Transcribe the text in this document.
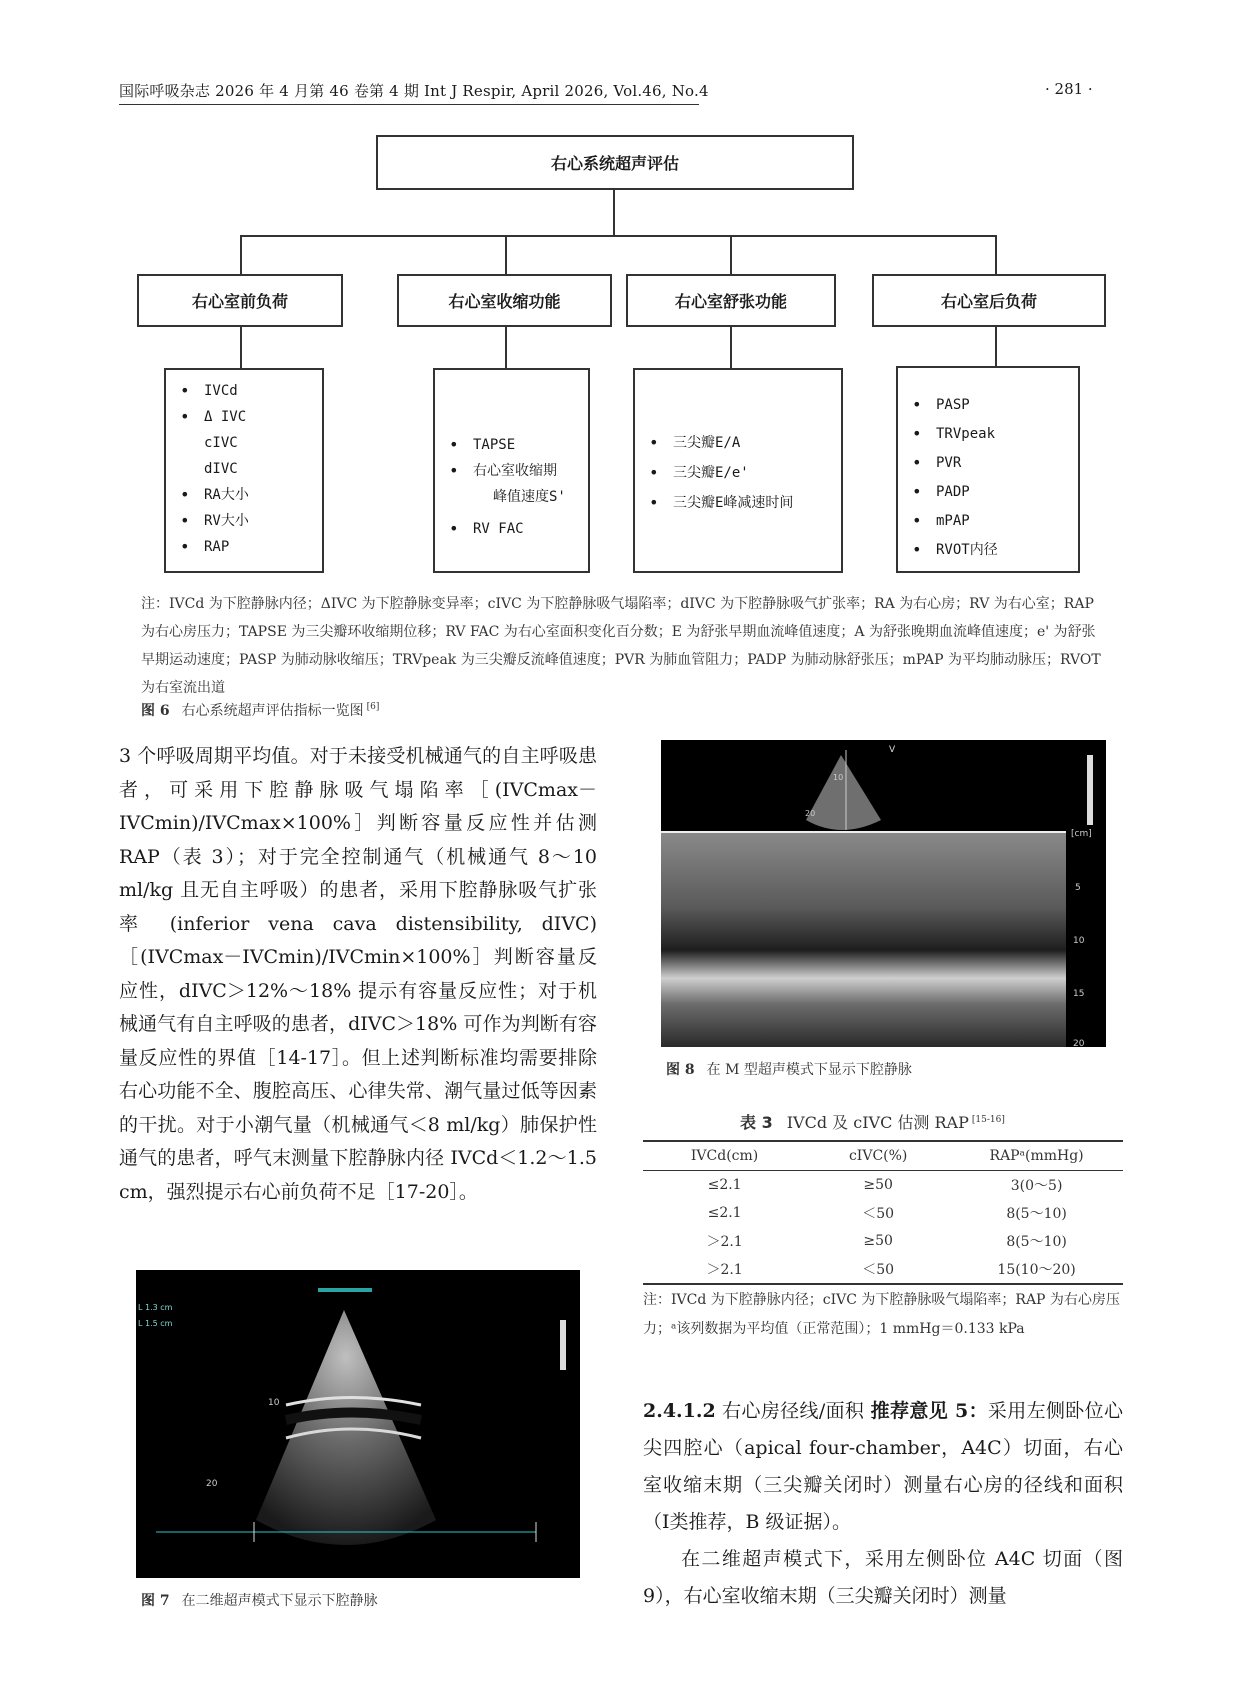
国际呼吸杂志 2026 年 4 月第 46 卷第 4 期 Int J Respir, April 2026, Vol.46, No.4	· 281 ·
右心系统超声评估
右心室前负荷	右心室收缩功能	右心室舒张功能	右心室后负荷
• IVCd
• Δ IVC
cIVC
dIVC
• RA大小
• RV大小
• RAP
• TAPSE
• 右心室收缩期
峰值速度S'
• RV FAC
• 三尖瓣E/A
• 三尖瓣E/e'
• 三尖瓣E峰减速时间
• PASP
• TRVpeak
• PVR
• PADP
• mPAP
• RVOT内径
注：IVCd 为下腔静脉内径；ΔIVC 为下腔静脉变异率；cIVC 为下腔静脉吸气塌陷率；dIVC 为下腔静脉吸气扩张率；RA 为右心房；RV 为右心室；RAP 为右心房压力；TAPSE 为三尖瓣环收缩期位移；RV FAC 为右心室面积变化百分数；E 为舒张早期血流峰值速度；A 为舒张晚期血流峰值速度；e' 为舒张早期运动速度；PASP 为肺动脉收缩压；TRVpeak 为三尖瓣反流峰值速度；PVR 为肺血管阻力；PADP 为肺动脉舒张压；mPAP 为平均肺动脉压；RVOT 为右室流出道
图 6 右心系统超声评估指标一览图 [6]

3 个呼吸周期平均值。对于未接受机械通气的自主呼吸患者，可采用下腔静脉吸气塌陷率［(IVCmax－IVCmin)/IVCmax×100%］判断容量反应性并估测 RAP（表 3）；对于完全控制通气（机械通气 8～10 ml/kg 且无自主呼吸）的患者，采用下腔静脉吸气扩张率 (inferior vena cava distensibility, dIVC)［(IVCmax－IVCmin)/IVCmin×100%］判断容量反应性，dIVC＞12%～18% 提示有容量反应性；对于机械通气有自主呼吸的患者，dIVC＞18% 可作为判断有容量反应性的界值［14-17］。但上述判断标准均需要排除右心功能不全、腹腔高压、心律失常、潮气量过低等因素的干扰。对于小潮气量（机械通气＜8 ml/kg）肺保护性通气的患者，呼气末测量下腔静脉内径 IVCd＜1.2～1.5 cm，强烈提示右心前负荷不足［17-20］。

L 1.3 cm
L 1.5 cm
10
20
图 7 在二维超声模式下显示下腔静脉
V
10
20
[cm]
5
10
15
20
图 8 在 M 型超声模式下显示下腔静脉
表 3 IVCd 及 cIVC 估测 RAP [15-16]
IVCd(cm)	cIVC(%)	RAPᵃ(mmHg)
≤2.1	≥50	3(0～5)
≤2.1	＜50	8(5～10)
＞2.1	≥50	8(5～10)
＞2.1	＜50	15(10～20)
注：IVCd 为下腔静脉内径；cIVC 为下腔静脉吸气塌陷率；RAP 为右心房压力；ᵃ该列数据为平均值（正常范围）；1 mmHg＝0.133 kPa

2.4.1.2 右心房径线/面积 推荐意见 5：采用左侧卧位心尖四腔心（apical four-chamber，A4C）切面，右心室收缩末期（三尖瓣关闭时）测量右心房的径线和面积（Ⅰ类推荐，B 级证据）。

在二维超声模式下，采用左侧卧位 A4C 切面（图 9），右心室收缩末期（三尖瓣关闭时）测量
